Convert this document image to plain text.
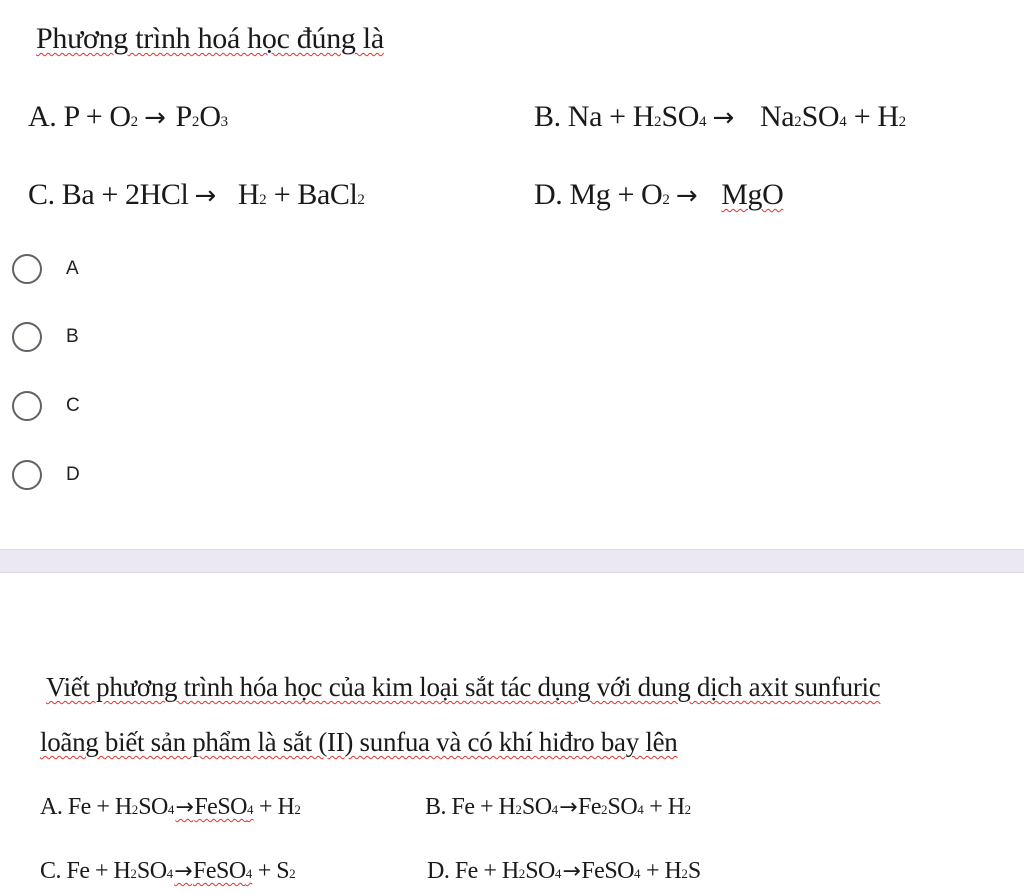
Phương trình hoá học đúng là
A. P + O 2 → P 2 O 3	B. Na + H 2 SO 4 → Na 2 SO 4 + H 2
C. Ba + 2HCl → H 2 + BaCl 2	D. Mg + O 2 → MgO
A
B
C
D
Viết phương trình hóa học của kim loại sắt tác dụng với dung dịch axit sunfuric
loãng biết sản phẩm là sắt (II) sunfua và có khí hiđro bay lên
A. Fe + H 2 SO 4 → FeSO 4 + H 2	B. Fe + H 2 SO 4 → Fe 2 SO 4 + H 2
C. Fe + H 2 SO 4 → FeSO 4 + S 2	D. Fe + H 2 SO 4 → FeSO 4 + H 2 S
